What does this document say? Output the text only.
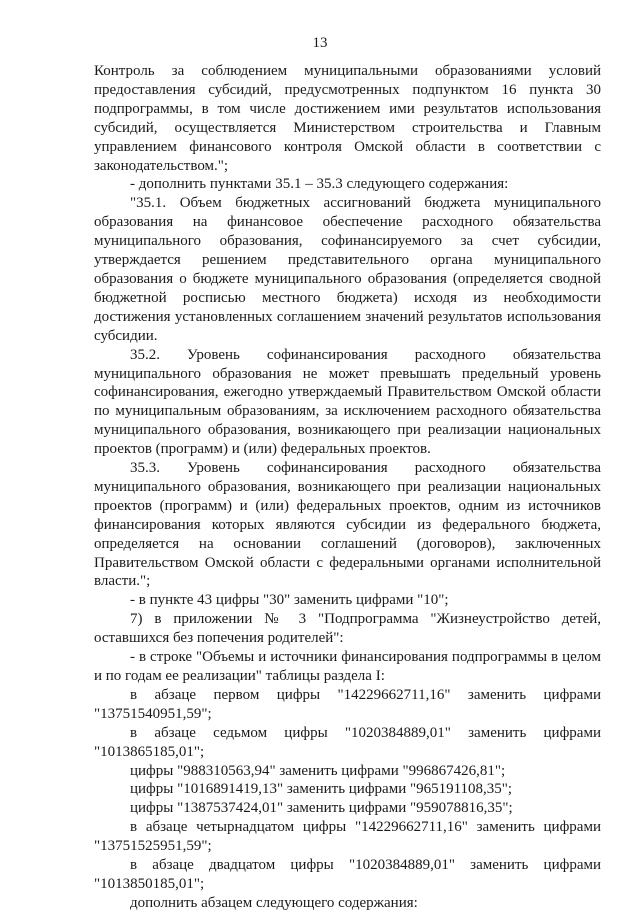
13

Контроль за соблюдением муниципальными образованиями условий предоставления субсидий, предусмотренных подпунктом 16 пункта 30 подпрограммы, в том числе достижением ими результатов использования субсидий, осуществляется Министерством строительства и Главным управлением финансового контроля Омской области в соответствии с законодательством.";

- дополнить пунктами 35.1 – 35.3 следующего содержания:

"35.1. Объем бюджетных ассигнований бюджета муниципального образования на финансовое обеспечение расходного обязательства муниципального образования, софинансируемого за счет субсидии, утверждается решением представительного органа муниципального образования о бюджете муниципального образования (определяется сводной бюджетной росписью местного бюджета) исходя из необходимости достижения установленных соглашением значений результатов использования субсидии.

35.2. Уровень софинансирования расходного обязательства муниципального образования не может превышать предельный уровень софинансирования, ежегодно утверждаемый Правительством Омской области по муниципальным образованиям, за исключением расходного обязательства муниципального образования, возникающего при реализации национальных проектов (программ) и (или) федеральных проектов.

35.3. Уровень софинансирования расходного обязательства муниципального образования, возникающего при реализации национальных проектов (программ) и (или) федеральных проектов, одним из источников финансирования которых являются субсидии из федерального бюджета, определяется на основании соглашений (договоров), заключенных Правительством Омской области с федеральными органами исполнительной власти.";

- в пункте 43 цифры "30" заменить цифрами "10";

7) в приложении № 3 "Подпрограмма "Жизнеустройство детей, оставшихся без попечения родителей":

- в строке "Объемы и источники финансирования подпрограммы в целом и по годам ее реализации" таблицы раздела I:

в абзаце первом цифры "14229662711,16" заменить цифрами "13751540951,59";

в абзаце седьмом цифры "1020384889,01" заменить цифрами "1013865185,01";

цифры "988310563,94" заменить цифрами "996867426,81";

цифры "1016891419,13" заменить цифрами "965191108,35";

цифры "1387537424,01" заменить цифрами "959078816,35";

в абзаце четырнадцатом цифры "14229662711,16" заменить цифрами "13751525951,59";

в абзаце двадцатом цифры "1020384889,01" заменить цифрами "1013850185,01";

дополнить абзацем следующего содержания:
